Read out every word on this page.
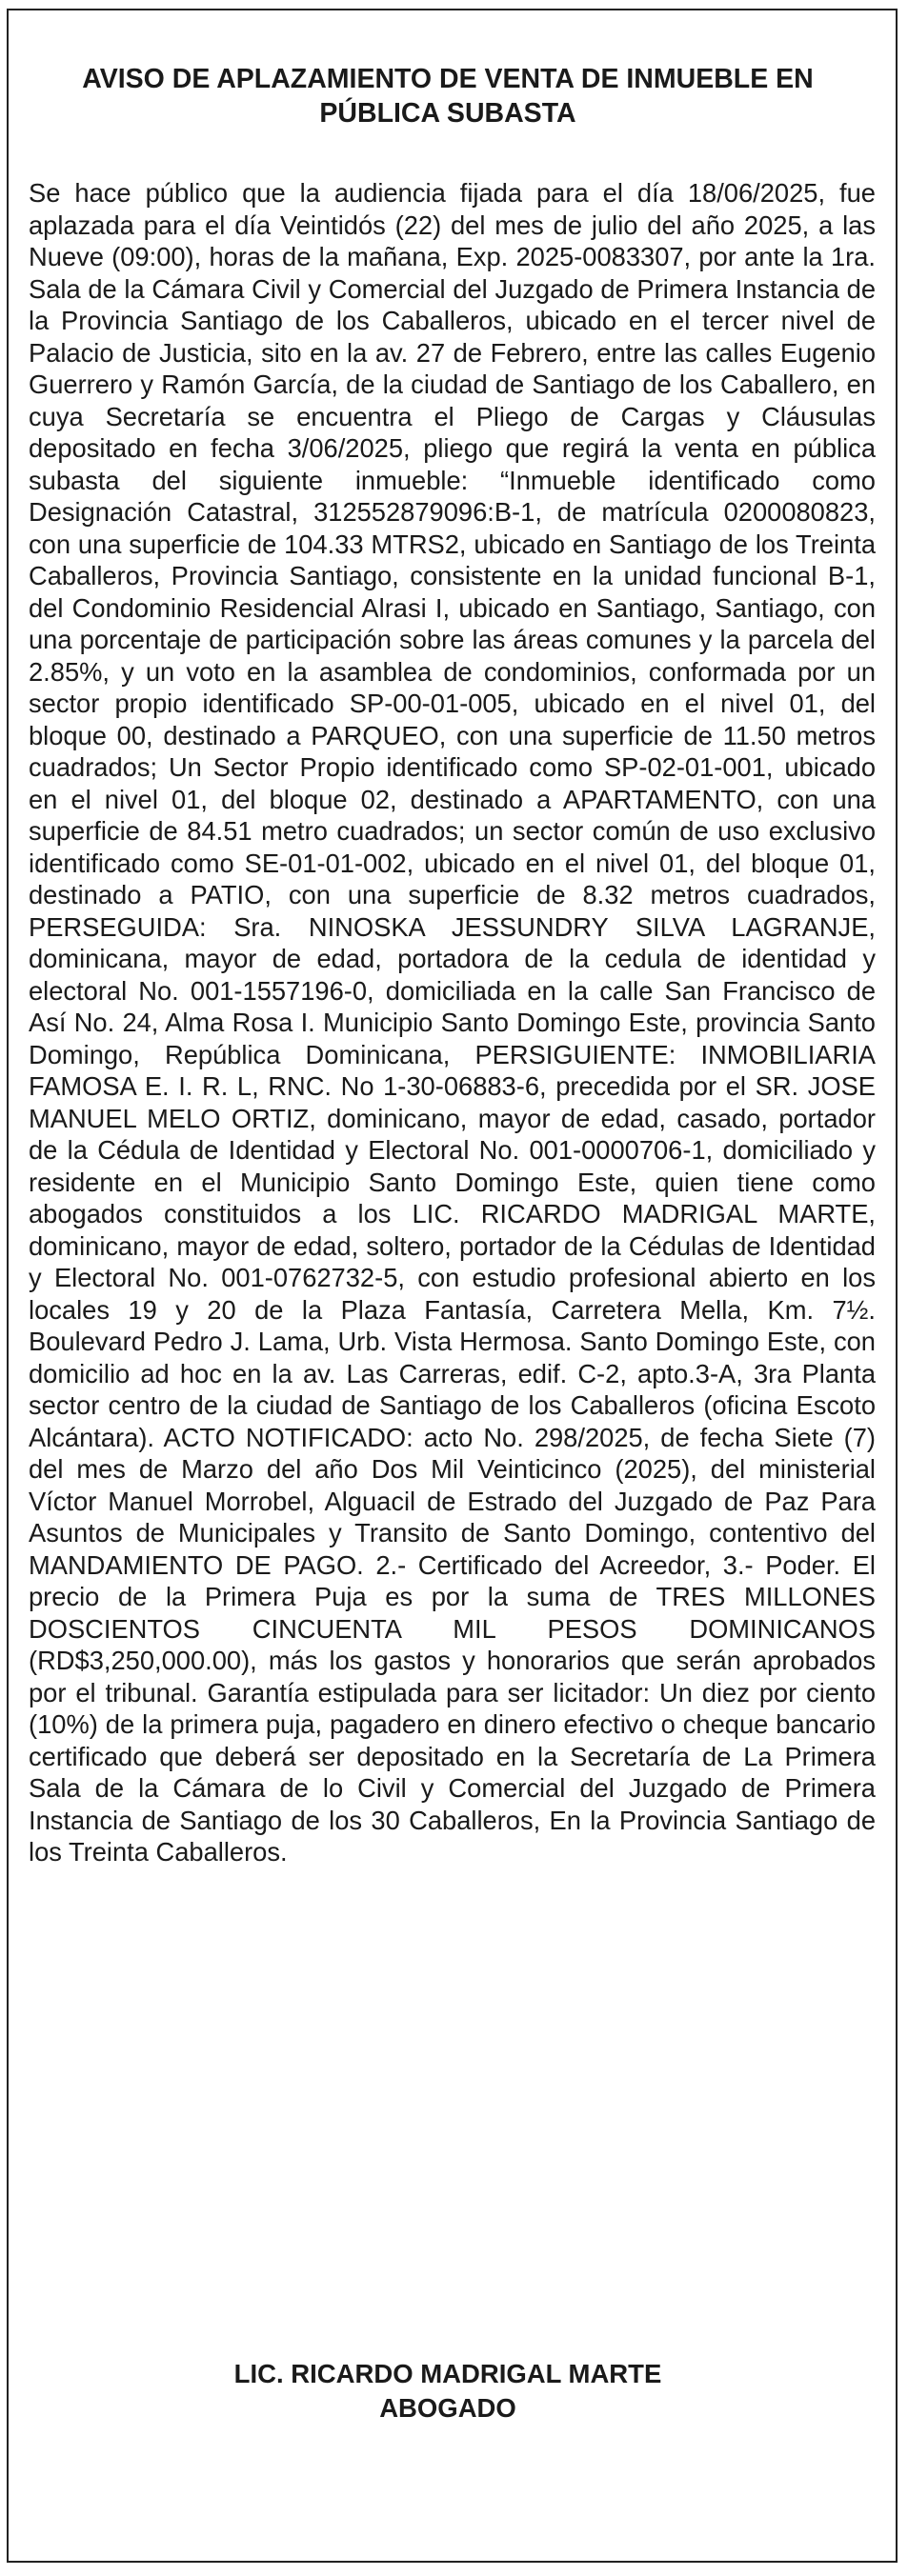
AVISO DE APLAZAMIENTO DE VENTA DE INMUEBLE EN PÚBLICA SUBASTA

Se hace público que la audiencia fijada para el día 18/06/2025, fue aplazada para el día Veintidós (22) del mes de julio del año 2025, a las Nueve (09:00), horas de la mañana, Exp. 2025-0083307, por ante la 1ra. Sala de la Cámara Civil y Comercial del Juzgado de Primera Instancia de la Provincia Santiago de los Caballeros, ubicado en el tercer nivel de Palacio de Justicia, sito en la av. 27 de Febrero, entre las calles Eugenio Guerrero y Ramón García, de la ciudad de Santiago de los Caballero, en cuya Secretaría se encuentra el Pliego de Cargas y Cláusulas depositado en fecha 3/06/2025, pliego que regirá la venta en pública subasta del siguiente inmueble: “Inmueble identificado como Designación Catastral, 312552879096:B-1, de matrícula 0200080823, con una superficie de 104.33 MTRS2, ubicado en Santiago de los Treinta Caballeros, Provincia Santiago, consistente en la unidad funcional B-1, del Condominio Residencial Alrasi I, ubicado en Santiago, Santiago, con una porcentaje de participación sobre las áreas comunes y la parcela del 2.85%, y un voto en la asamblea de condominios, conformada por un sector propio identificado SP-00-01-005, ubicado en el nivel 01, del bloque 00, destinado a PARQUEO, con una superficie de 11.50 metros cuadrados; Un Sector Propio identificado como SP-02-01-001, ubicado en el nivel 01, del bloque 02, destinado a APARTAMENTO, con una superficie de 84.51 metro cuadrados; un sector común de uso exclusivo identificado como SE-01-01-002, ubicado en el nivel 01, del bloque 01, destinado a PATIO, con una superficie de 8.32 metros cuadrados, PERSEGUIDA: Sra. NINOSKA JESSUNDRY SILVA LAGRANJE, dominicana, mayor de edad, portadora de la cedula de identidad y electoral No. 001-1557196-0, domiciliada en la calle San Francisco de Así No. 24, Alma Rosa I. Municipio Santo Domingo Este, provincia Santo Domingo, República Dominicana, PERSIGUIENTE: INMOBILIARIA FAMOSA E. I. R. L, RNC. No 1-30-06883-6, precedida por el SR. JOSE MANUEL MELO ORTIZ, dominicano, mayor de edad, casado, portador de la Cédula de Identidad y Electoral No. 001-0000706-1, domiciliado y residente en el Municipio Santo Domingo Este, quien tiene como abogados constituidos a los LIC. RICARDO MADRIGAL MARTE, dominicano, mayor de edad, soltero, portador de la Cédulas de Identidad y Electoral No. 001-0762732-5, con estudio profesional abierto en los locales 19 y 20 de la Plaza Fantasía, Carretera Mella, Km. 7½. Boulevard Pedro J. Lama, Urb. Vista Hermosa. Santo Domingo Este, con domicilio ad hoc en la av. Las Carreras, edif. C-2, apto.3-A, 3ra Planta sector centro de la ciudad de Santiago de los Caballeros (oficina Escoto Alcántara). ACTO NOTIFICADO: acto No. 298/2025, de fecha Siete (7) del mes de Marzo del año Dos Mil Veinticinco (2025), del ministerial Víctor Manuel Morrobel, Alguacil de Estrado del Juzgado de Paz Para Asuntos de Municipales y Transito de Santo Domingo, contentivo del MANDAMIENTO DE PAGO. 2.- Certificado del Acreedor, 3.- Poder. El precio de la Primera Puja es por la suma de TRES MILLONES DOSCIENTOS CINCUENTA MIL PESOS DOMINICANOS (RD$3,250,000.00), más los gastos y honorarios que serán aprobados por el tribunal. Garantía estipulada para ser licitador: Un diez por ciento (10%) de la primera puja, pagadero en dinero efectivo o cheque bancario certificado que deberá ser depositado en la Secretaría de La Primera Sala de la Cámara de lo Civil y Comercial del Juzgado de Primera Instancia de Santiago de los 30 Caballeros, En la Provincia Santiago de los Treinta Caballeros.

LIC. RICARDO MADRIGAL MARTE
ABOGADO
